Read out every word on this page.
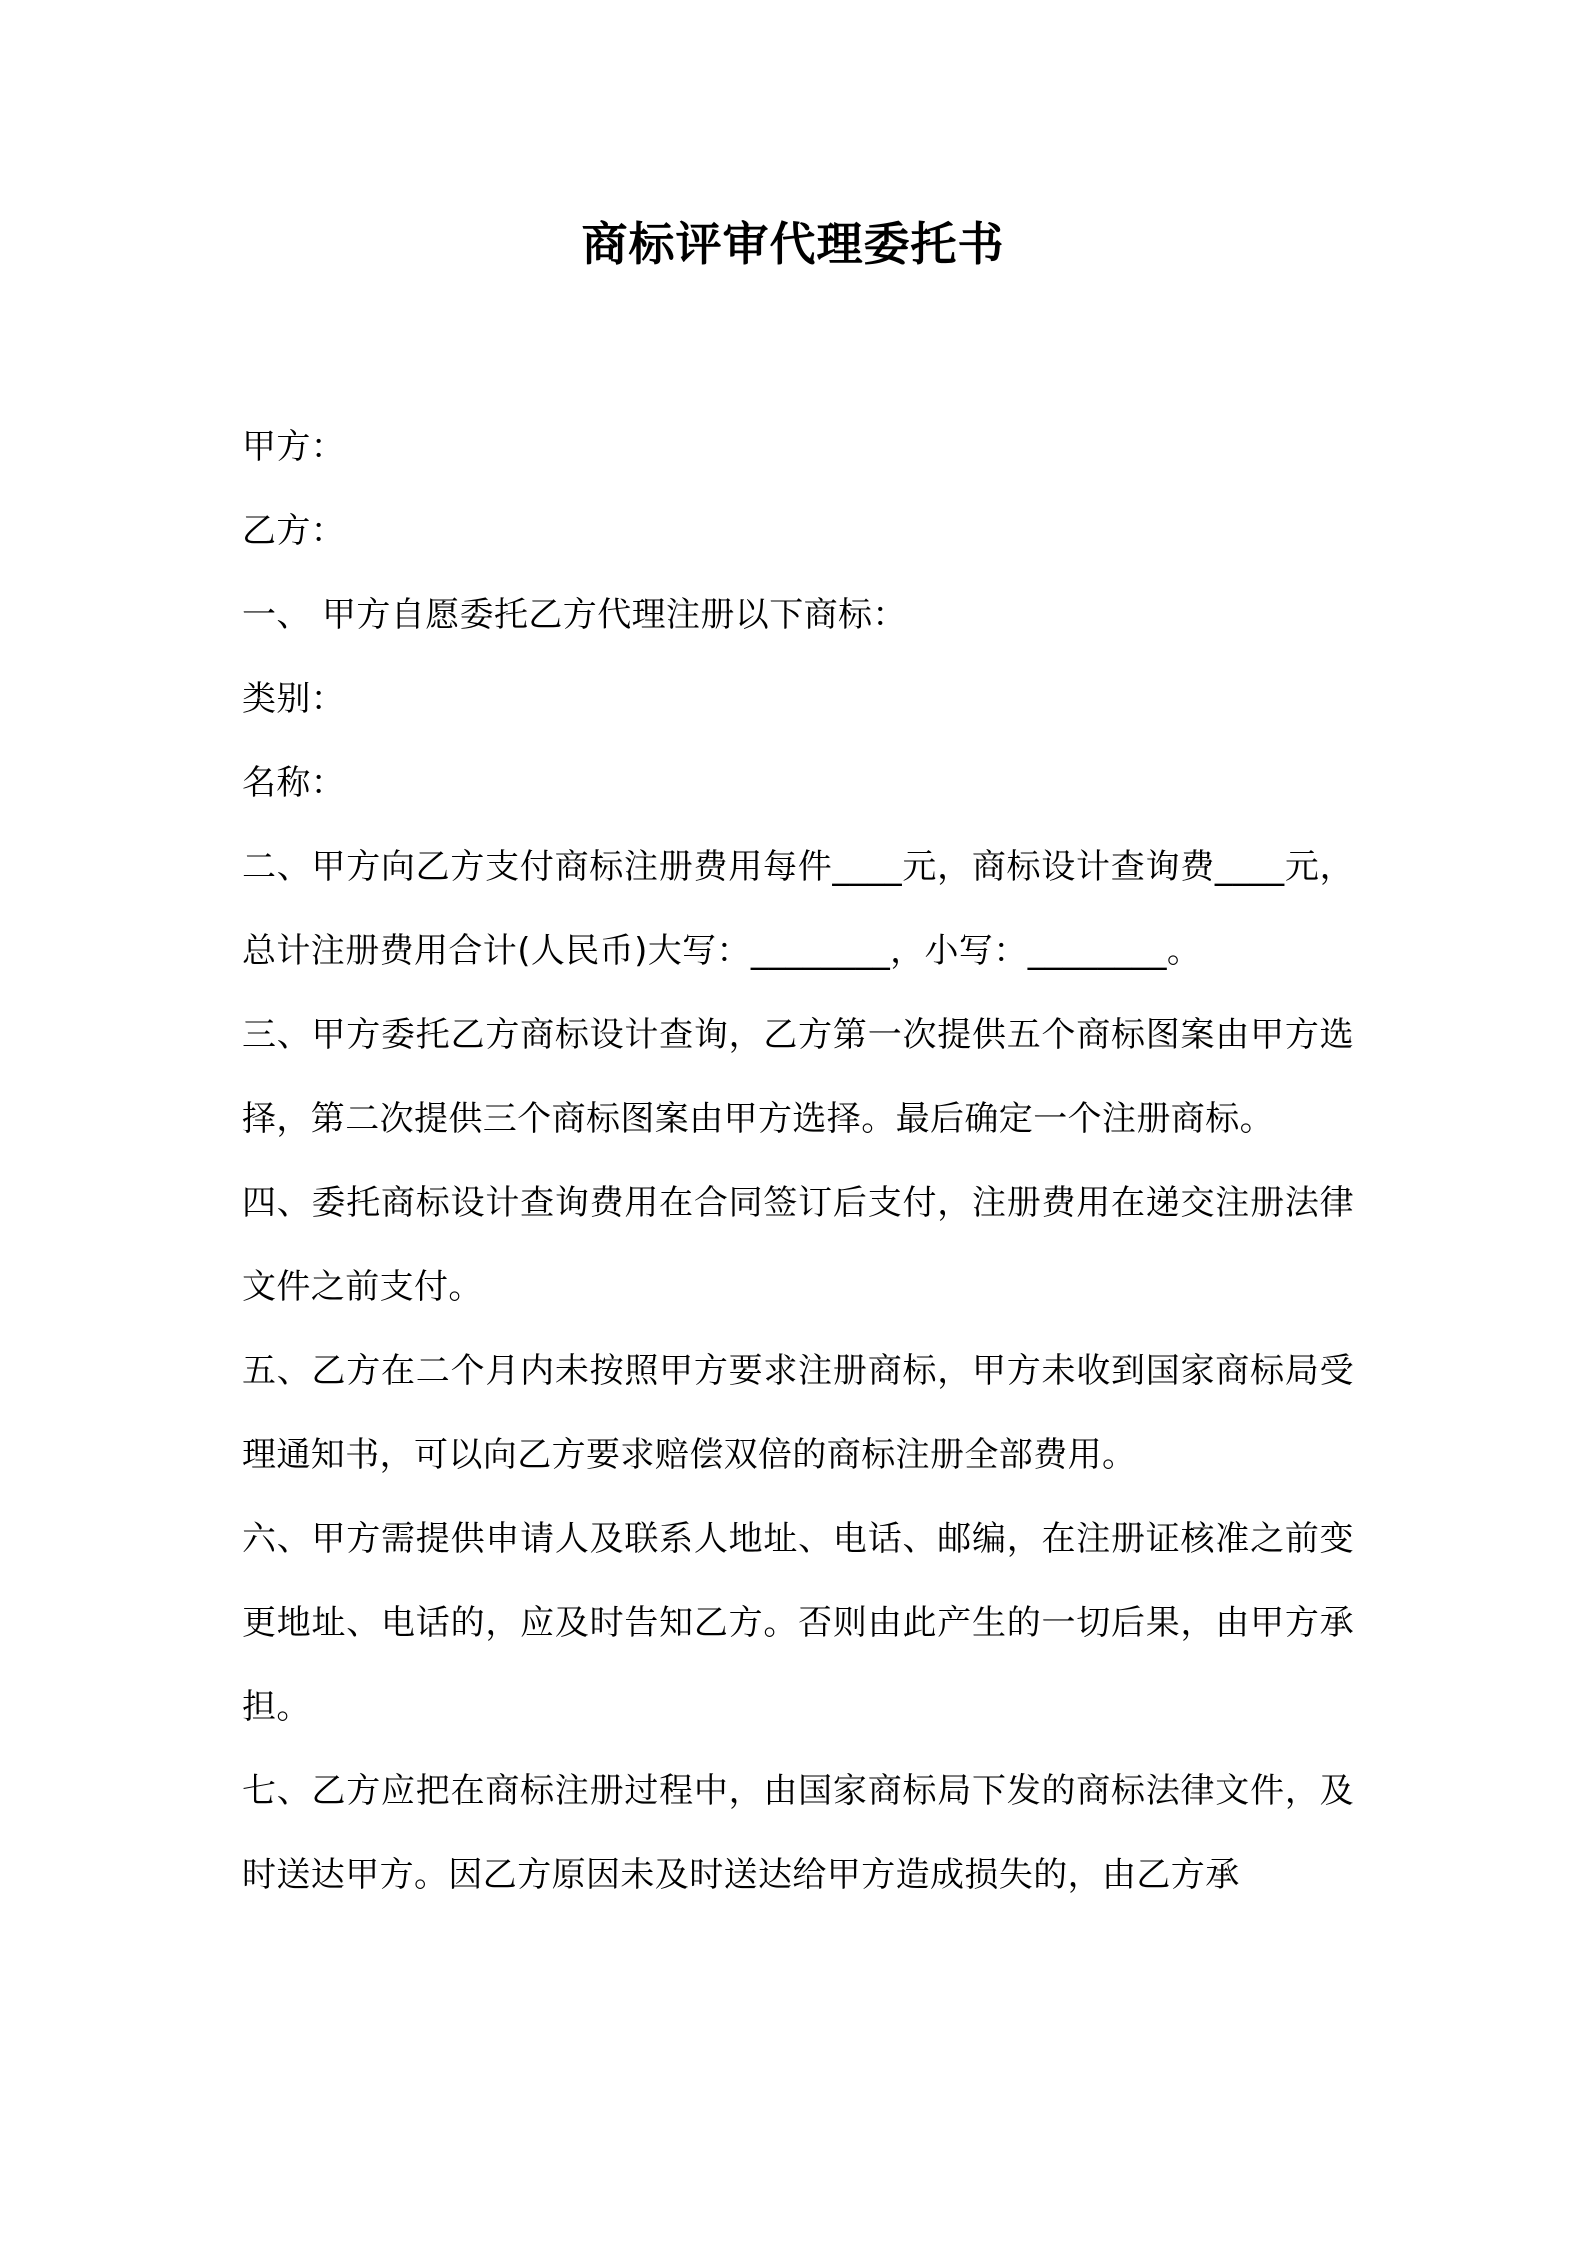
商标评审代理委托书

甲方：

乙方：

一、 甲方自愿委托乙方代理注册以下商标：

类别：

名称：

二、甲方向乙方支付商标注册费用每件____元，商标设计查询费____元，总计注册费用合计(人民币)大写：________，小写：________。

三、甲方委托乙方商标设计查询，乙方第一次提供五个商标图案由甲方选择，第二次提供三个商标图案由甲方选择。最后确定一个注册商标。

四、委托商标设计查询费用在合同签订后支付，注册费用在递交注册法律文件之前支付。

五、乙方在二个月内未按照甲方要求注册商标，甲方未收到国家商标局受理通知书，可以向乙方要求赔偿双倍的商标注册全部费用。

六、甲方需提供申请人及联系人地址、电话、邮编，在注册证核准之前变更地址、电话的，应及时告知乙方。否则由此产生的一切后果，由甲方承担。

七、乙方应把在商标注册过程中，由国家商标局下发的商标法律文件，及时送达甲方。因乙方原因未及时送达给甲方造成损失的，由乙方承
